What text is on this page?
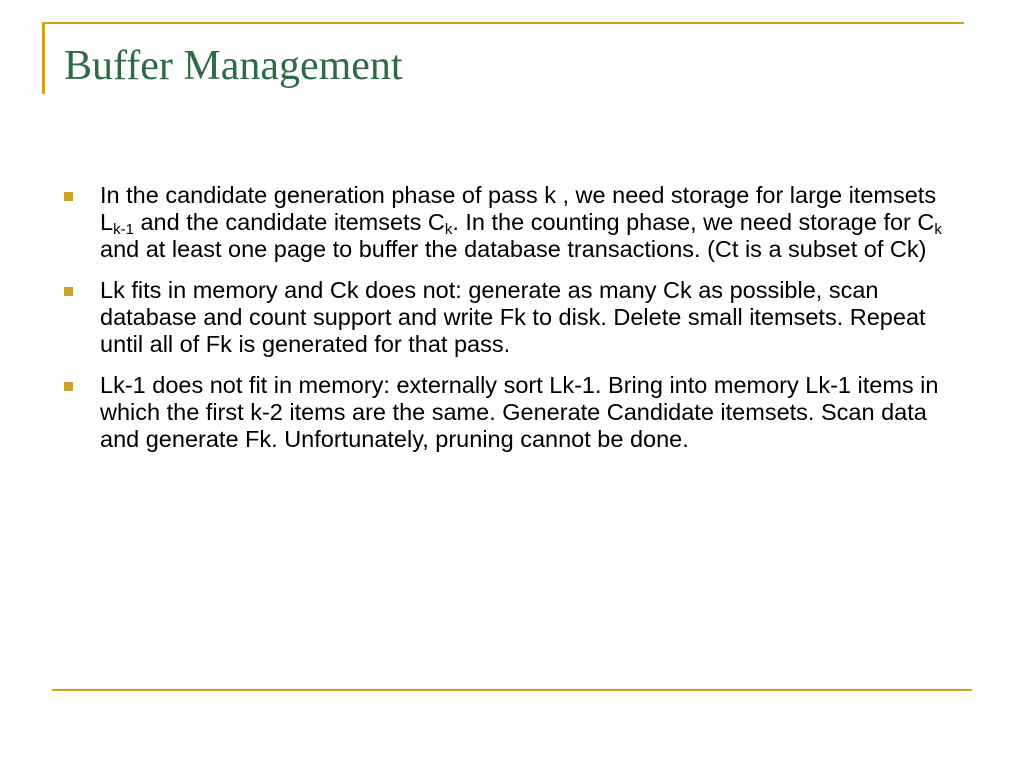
Buffer Management
In the candidate generation phase of pass k , we need storage for large itemsets $L_{k-1}$ and the candidate itemsets $C_k$. In the counting phase, we need storage for $C_k$ and at least one page to buffer the database transactions. (Ct is a subset of Ck)
Lk fits in memory and Ck does not: generate as many Ck as possible, scan database and count support and write Fk to disk. Delete small itemsets. Repeat until all of Fk is generated for that pass.
Lk-1 does not fit in memory: externally sort Lk-1. Bring into memory Lk-1 items in which the first k-2 items are the same. Generate Candidate itemsets. Scan data and generate Fk. Unfortunately, pruning cannot be done.
